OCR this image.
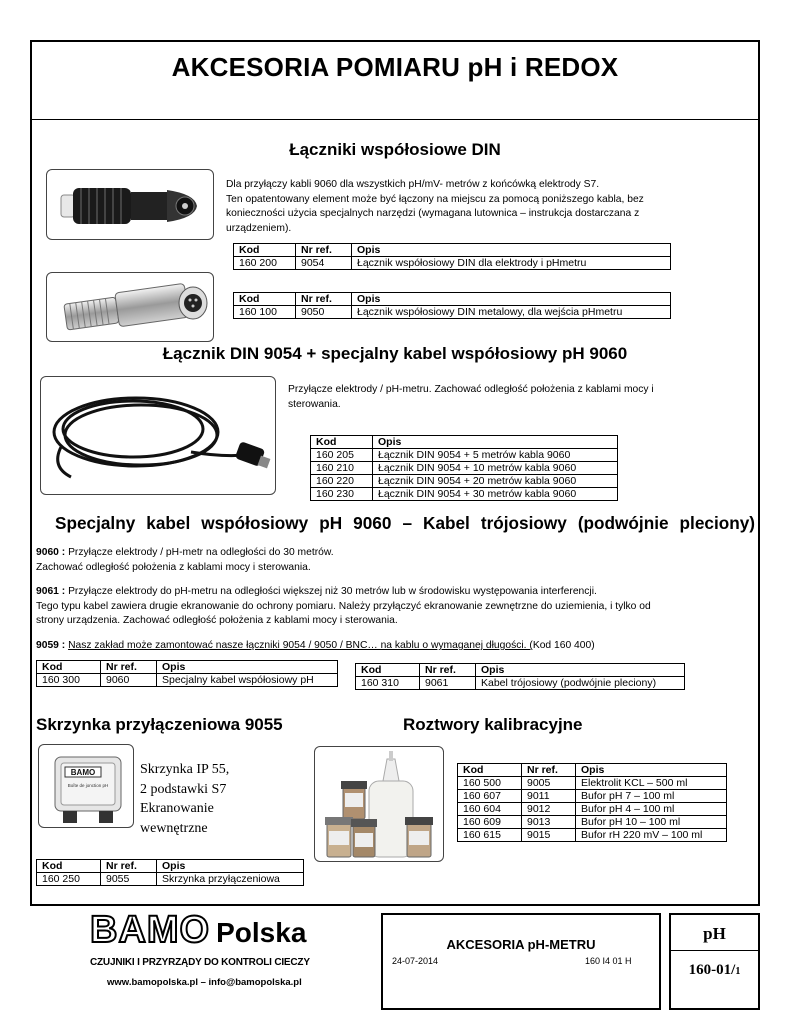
AKCESORIA POMIARU pH i REDOX
Łączniki współosiowe DIN
Dla przyłączy kabli 9060 dla wszystkich pH/mV- metrów z końcówką elektrody S7.
Ten opatentowany element może być łączony na miejscu za pomocą poniższego kabla, bez
konieczności użycia specjalnych narzędzi (wymagana lutownica – instrukcja dostarczana z
urządzeniem).
Kod	Nr ref.	Opis
160 200	9054	Łącznik współosiowy DIN dla elektrody i pHmetru
Kod	Nr ref.	Opis
160 100	9050	Łącznik współosiowy DIN metalowy, dla wejścia pHmetru
Łącznik DIN 9054 + specjalny kabel współosiowy pH 9060
Przyłącze elektrody / pH-metru. Zachować odległość położenia z kablami mocy i
sterowania.
Kod	Opis
160 205	Łącznik DIN 9054 + 5 metrów kabla 9060
160 210	Łącznik DIN 9054 + 10 metrów kabla 9060
160 220	Łącznik DIN 9054 + 20 metrów kabla 9060
160 230	Łącznik DIN 9054 + 30 metrów kabla 9060
Specjalny kabel współosiowy pH 9060 – Kabel trójosiowy (podwójnie pleciony)
9060 : Przyłącze elektrody / pH-metr na odległości do 30 metrów.
Zachować odległość położenia z kablami mocy i sterowania.
9061 : Przyłącze elektrody do pH-metru na odległości większej niż 30 metrów lub w środowisku występowania interferencji.
Tego typu kabel zawiera drugie ekranowanie do ochrony pomiaru. Należy przyłączyć ekranowanie zewnętrzne do uziemienia, i tylko od
strony urządzenia. Zachować odległość położenia z kablami mocy i sterowania.
9059 : Nasz zakład może zamontować nasze łączniki 9054 / 9050 / BNC… na kablu o wymaganej długości. (Kod 160 400)
Kod	Nr ref.	Opis
160 300	9060	Specjalny kabel współosiowy pH
Kod	Nr ref.	Opis
160 310	9061	Kabel trójosiowy (podwójnie pleciony)
Skrzynka przyłączeniowa 9055
BAMO
Boîte de jonction pH
Skrzynka IP 55,
2 podstawki S7
Ekranowanie
wewnętrzne
Kod	Nr ref.	Opis
160 250	9055	Skrzynka przyłączeniowa
Roztwory kalibracyjne
Kod	Nr ref.	Opis
160 500	9005	Elektrolit KCL – 500 ml
160 607	9011	Bufor pH 7 – 100 ml
160 604	9012	Bufor pH 4 – 100 ml
160 609	9013	Bufor pH 10 – 100 ml
160 615	9015	Bufor rH 220 mV – 100 ml
BAMO Polska
CZUJNIKI I PRZYRZĄDY DO KONTROLI CIECZY
www.bamopolska.pl – info@bamopolska.pl
AKCESORIA pH-METRU
24-07-2014	160 I4 01 H
pH
160-01/1
